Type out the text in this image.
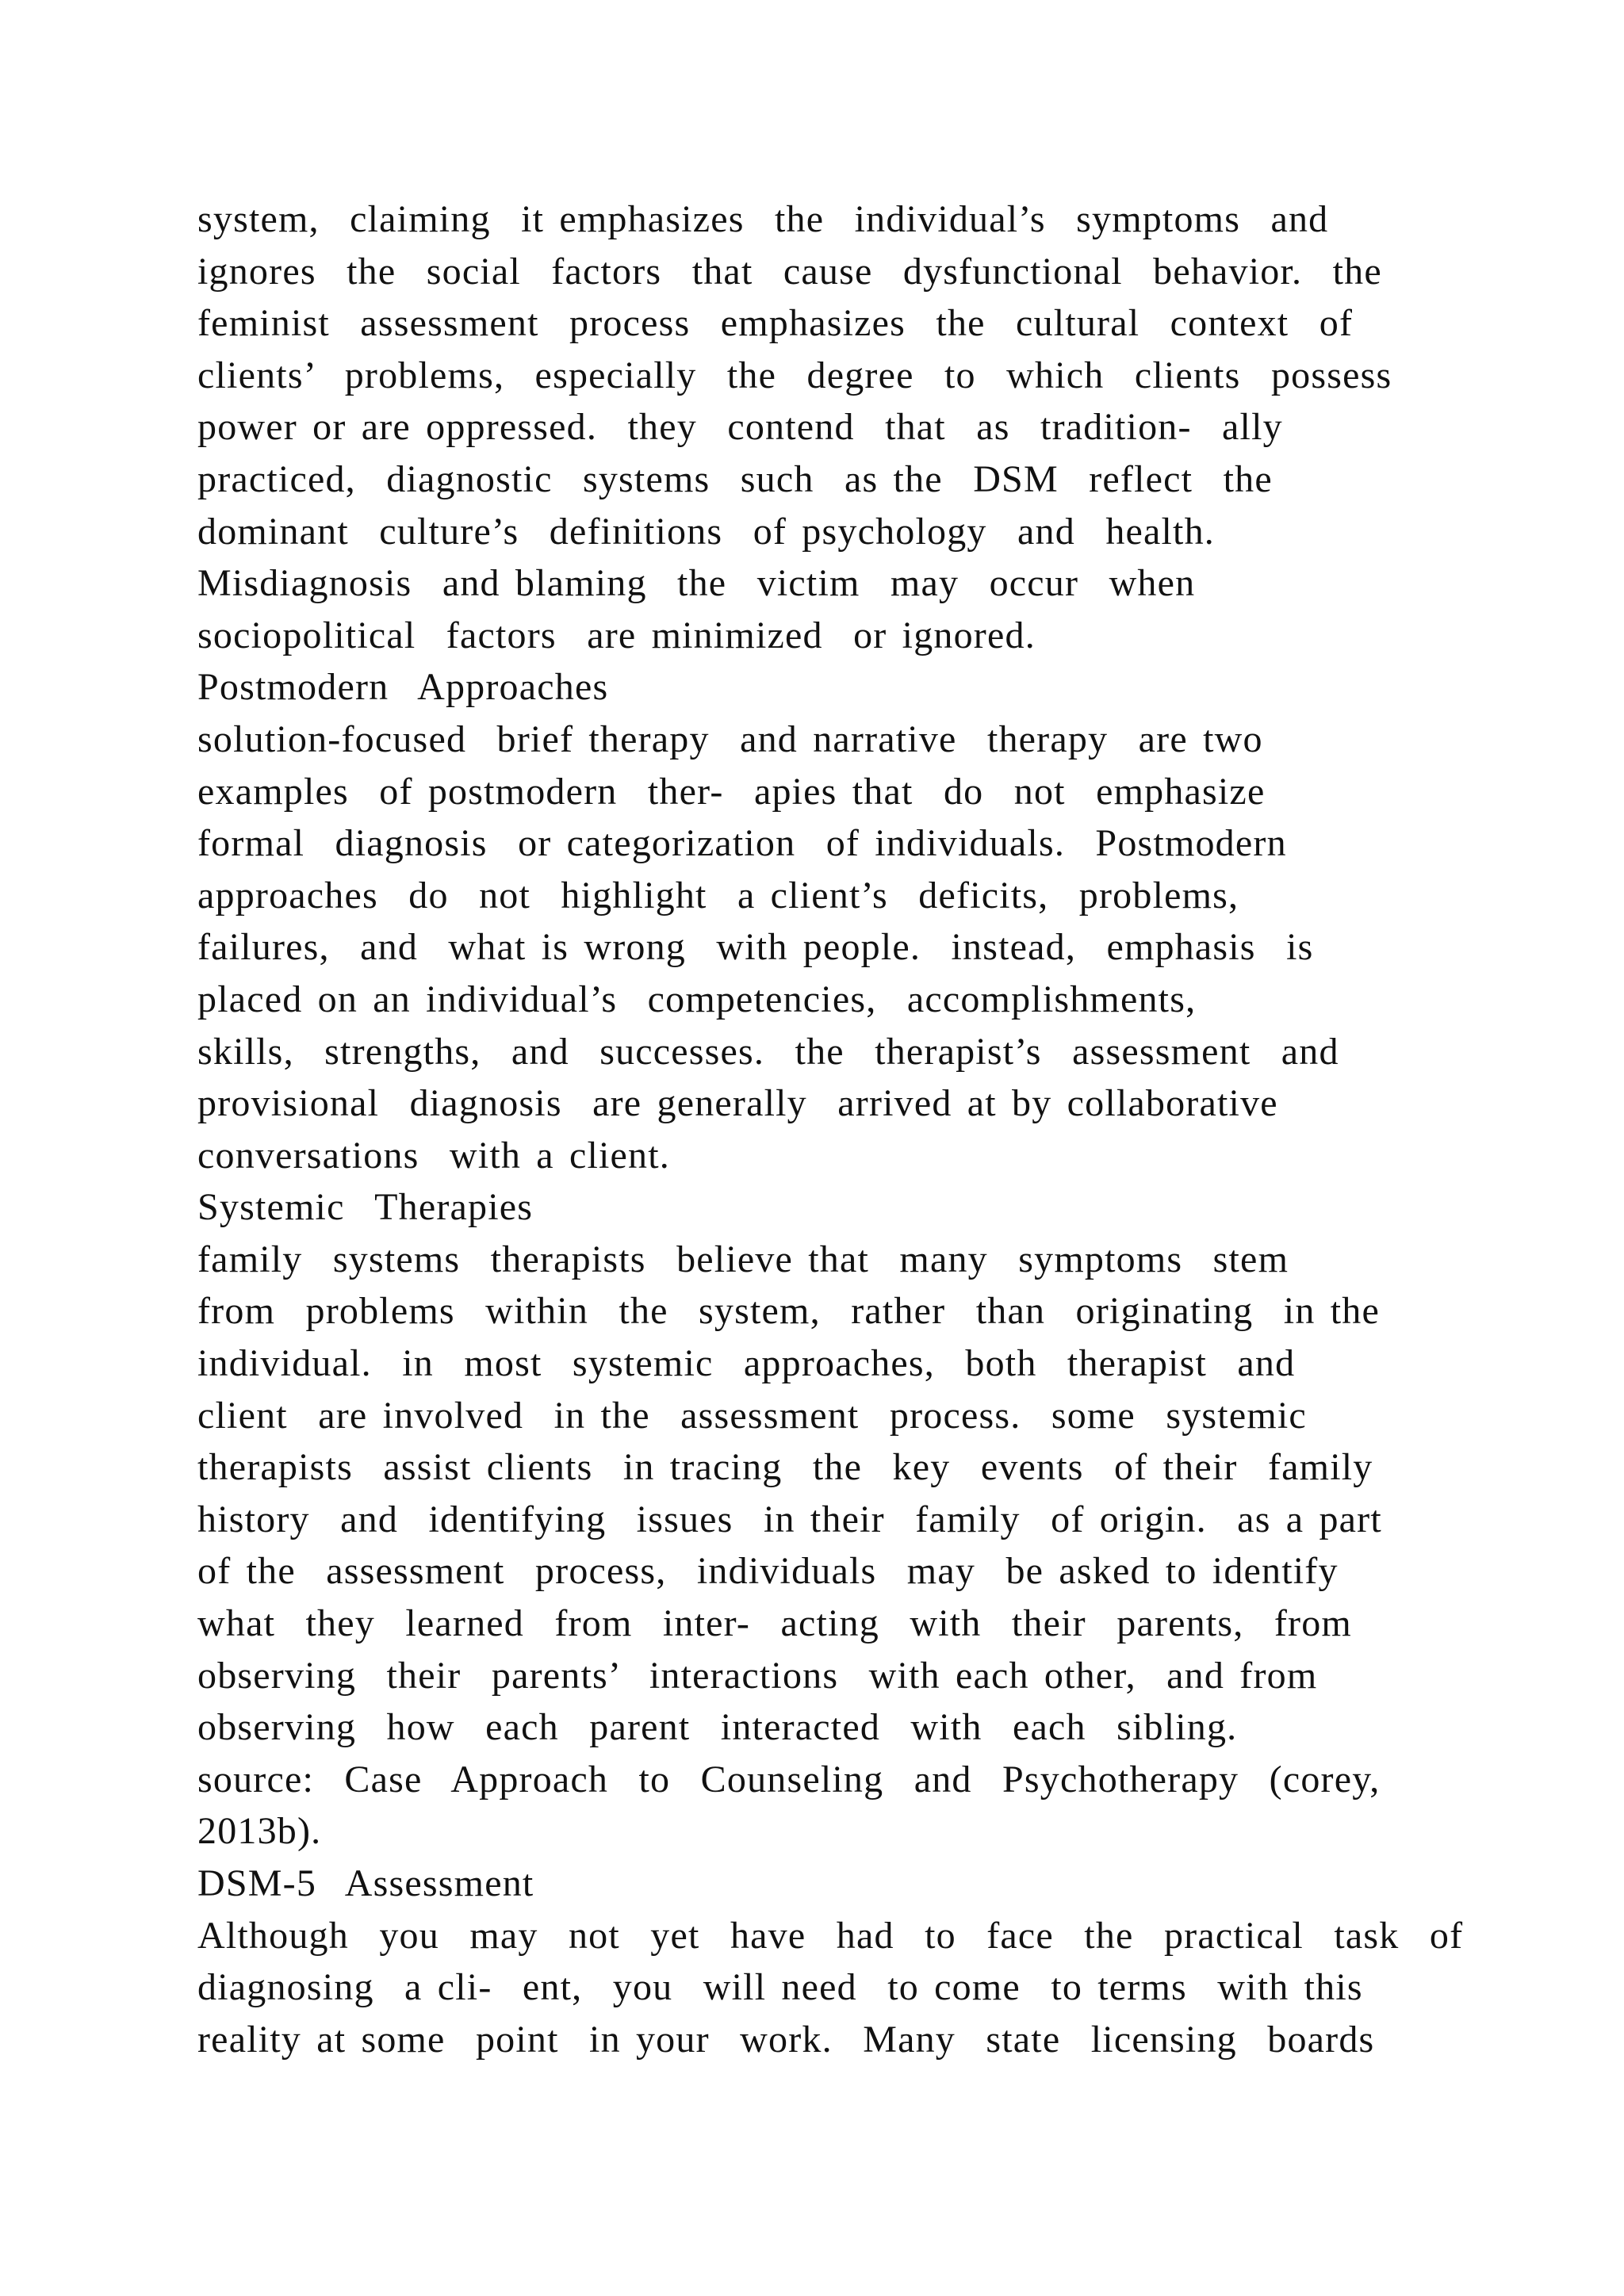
system,  claiming  it emphasizes  the  individual’s  symptoms  and
ignores  the  social  factors  that  cause  dysfunctional  behavior.  the
feminist  assessment  process  emphasizes  the  cultural  context  of
clients’  problems,  especially  the  degree  to  which  clients  possess
power or are oppressed.  they  contend  that  as  tradition-  ally
practiced,  diagnostic  systems  such  as the  DSM  reflect  the
dominant  culture’s  definitions  of psychology  and  health.
Misdiagnosis  and blaming  the  victim  may  occur  when
sociopolitical  factors  are minimized  or ignored.
Postmodern  Approaches
solution-focused  brief therapy  and narrative  therapy  are two
examples  of postmodern  ther-  apies that  do  not  emphasize
formal  diagnosis  or categorization  of individuals.  Postmodern
approaches  do  not  highlight  a client’s  deficits,  problems,
failures,  and  what is wrong  with people.  instead,  emphasis  is
placed on an individual’s  competencies,  accomplishments,
skills,  strengths,  and  successes.  the  therapist’s  assessment  and
provisional  diagnosis  are generally  arrived at by collaborative
conversations  with a client.
Systemic  Therapies
family  systems  therapists  believe that  many  symptoms  stem
from  problems  within  the  system,  rather  than  originating  in the
individual.  in  most  systemic  approaches,  both  therapist  and
client  are involved  in the  assessment  process.  some  systemic
therapists  assist clients  in tracing  the  key  events  of their  family
history  and  identifying  issues  in their  family  of origin.  as a part
of the  assessment  process,  individuals  may  be asked to identify
what  they  learned  from  inter-  acting  with  their  parents,  from
observing  their  parents’  interactions  with each other,  and from
observing  how  each  parent  interacted  with  each  sibling.
source:  Case  Approach  to  Counseling  and  Psychotherapy  (corey,
2013b).
DSM-5  Assessment
Although  you  may  not  yet  have  had  to  face  the  practical  task  of
diagnosing  a cli-  ent,  you  will need  to come  to terms  with this
reality at some  point  in your  work.  Many  state  licensing  boards
